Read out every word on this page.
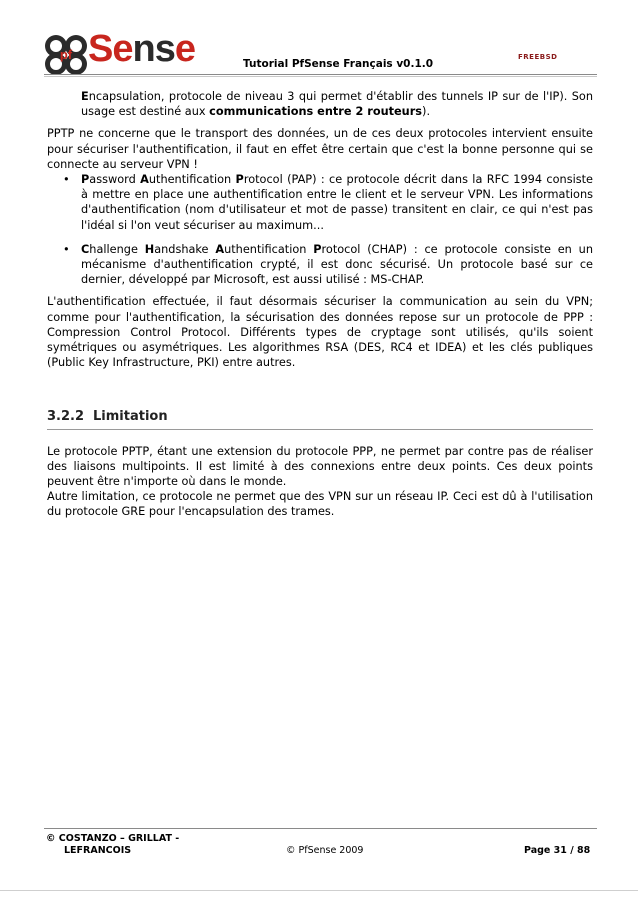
pf Sense	Tutorial PfSense Français v0.1.0
FREEBSD

Encapsulation, protocole de niveau 3 qui permet d'établir des tunnels IP sur de l'IP). Son usage est destiné aux communications entre 2 routeurs).

PPTP ne concerne que le transport des données, un de ces deux protocoles intervient ensuite pour sécuriser l'authentification, il faut en effet être certain que c'est la bonne personne qui se connecte au serveur VPN !

• Password Authentification Protocol (PAP) : ce protocole décrit dans la RFC 1994 consiste à mettre en place une authentification entre le client et le serveur VPN. Les informations d'authentification (nom d'utilisateur et mot de passe) transitent en clair, ce qui n'est pas l'idéal si l'on veut sécuriser au maximum...
• Challenge Handshake Authentification Protocol (CHAP) : ce protocole consiste en un mécanisme d'authentification crypté, il est donc sécurisé. Un protocole basé sur ce dernier, développé par Microsoft, est aussi utilisé : MS-CHAP.

L'authentification effectuée, il faut désormais sécuriser la communication au sein du VPN; comme pour l'authentification, la sécurisation des données repose sur un protocole de PPP : Compression Control Protocol. Différents types de cryptage sont utilisés, qu'ils soient symétriques ou asymétriques. Les algorithmes RSA (DES, RC4 et IDEA) et les clés publiques (Public Key Infrastructure, PKI) entre autres.

3.2.2 Limitation

Le protocole PPTP, étant une extension du protocole PPP, ne permet par contre pas de réaliser des liaisons multipoints. Il est limité à des connexions entre deux points. Ces deux points peuvent être n'importe où dans le monde.

Autre limitation, ce protocole ne permet que des VPN sur un réseau IP. Ceci est dû à l'utilisation du protocole GRE pour l'encapsulation des trames.

© COSTANZO – GRILLAT -
LEFRANCOIS	© PfSense 2009	Page 31 / 88
